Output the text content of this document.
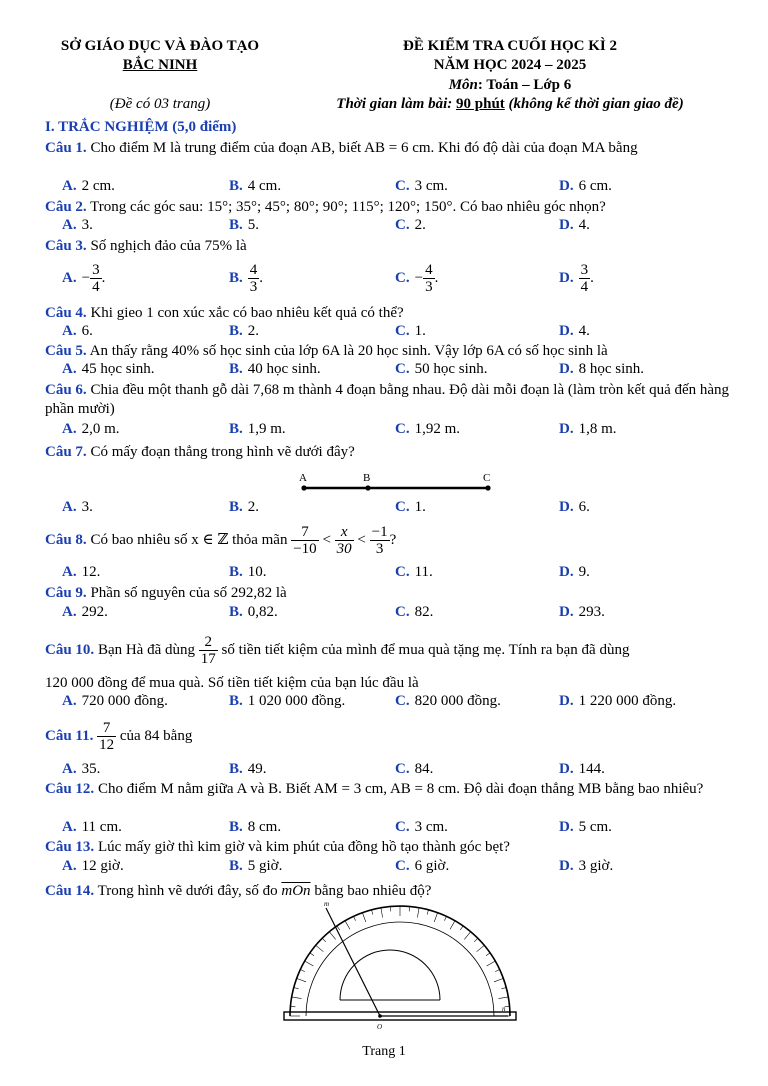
SỞ GIÁO DỤC VÀ ĐÀO TẠO
BẮC NINH
(Đề có 03 trang)
ĐỀ KIỂM TRA CUỐI HỌC KÌ 2
NĂM HỌC 2024 – 2025
Môn: Toán – Lớp 6
Thời gian làm bài: 90 phút (không kể thời gian giao đề)
I. TRẮC NGHIỆM (5,0 điểm)
Câu 1. Cho điểm M là trung điểm của đoạn AB, biết AB = 6 cm. Khi đó độ dài của đoạn MA bằng
A. 2 cm.	B. 4 cm.	C. 3 cm.	D. 6 cm.
Câu 2. Trong các góc sau: 15°; 35°; 45°; 80°; 90°; 115°; 120°; 150°. Có bao nhiêu góc nhọn?
A. 3.	B. 5.	C. 2.	D. 4.
Câu 3. Số nghịch đảo của 75% là
A. − $\frac{3}{4}$ .	B. $\frac{4}{3}$ .	C. − $\frac{4}{3}$ .	D. $\frac{3}{4}$ .
Câu 4. Khi gieo 1 con xúc xắc có bao nhiêu kết quả có thể?
A. 6.	B. 2.	C. 1.	D. 4.
Câu 5. An thấy rằng 40% số học sinh của lớp 6A là 20 học sinh. Vậy lớp 6A có số học sinh là
A. 45 học sinh.	B. 40 học sinh.	C. 50 học sinh.	D. 8 học sinh.
Câu 6. Chia đều một thanh gỗ dài 7,68 m thành 4 đoạn bằng nhau. Độ dài mỗi đoạn là (làm tròn kết quả đến hàng phần mười)
A. 2,0 m.	B. 1,9 m.	C. 1,92 m.	D. 1,8 m.
Câu 7. Có mấy đoạn thẳng trong hình vẽ dưới đây?
A	B	C
A. 3.	B. 2.	C. 1.	D. 6.
Câu 8.
Có bao nhiêu số x ∈ ℤ thỏa mãn
$\frac{7}{-10} < \frac{x}{30} < \frac{-1}{3}$ ?
A. 12.	B. 10.	C. 11.	D. 9.
Câu 9. Phần số nguyên của số 292,82 là
A. 292.	B. 0,82.	C. 82.	D. 293.
Câu 10.
Bạn Hà đã dùng
$\frac{2}{17}$
số tiền tiết kiệm của mình để mua quà tặng mẹ. Tính ra bạn đã dùng
120 000 đồng để mua quà. Số tiền tiết kiệm của bạn lúc đầu là
A. 720 000 đồng.	B. 1 020 000 đồng.	C. 820 000 đồng.	D. 1 220 000 đồng.
Câu 11.
$\frac{7}{12}$
của 84 bằng
A. 35.	B. 49.	C. 84.	D. 144.
Câu 12. Cho điểm M nằm giữa A và B. Biết AM = 3 cm, AB = 8 cm. Độ dài đoạn thẳng MB bằng bao nhiêu?
A. 11 cm.	B. 8 cm.	C. 3 cm.	D. 5 cm.
Câu 13. Lúc mấy giờ thì kim giờ và kim phút của đồng hồ tạo thành góc bẹt?
A. 12 giờ.	B. 5 giờ.	C. 6 giờ.	D. 3 giờ.
Câu 14. Trong hình vẽ dưới đây, số đo $\overline{mOn}$ bằng bao nhiêu độ?
m
n
O
Trang 1
